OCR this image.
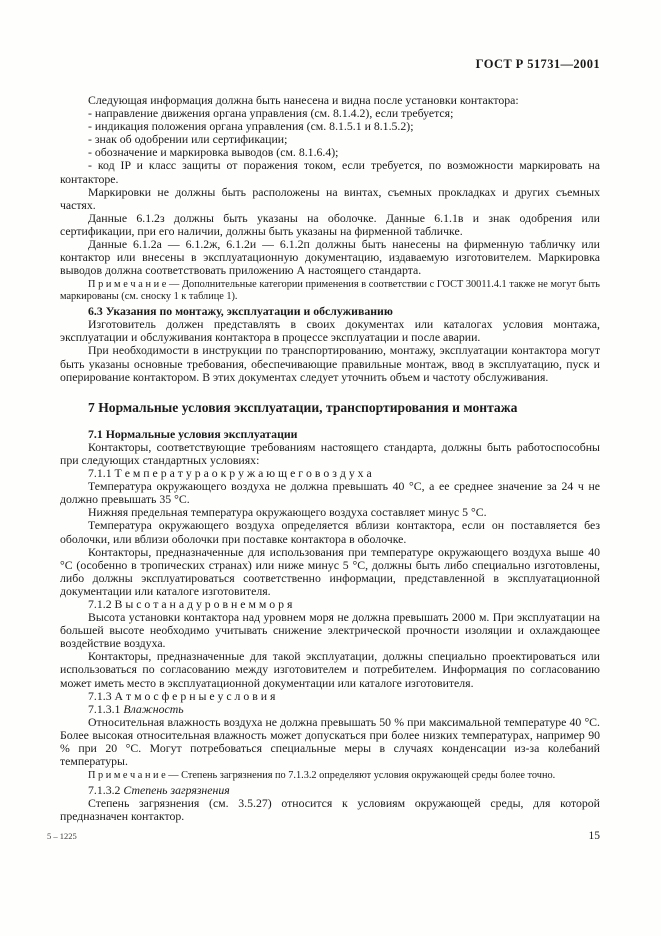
ГОСТ Р 51731—2001

Следующая информация должна быть нанесена и видна после установки контактора:

- направление движения органа управления (см. 8.1.4.2), если требуется;

- индикация положения органа управления (см. 8.1.5.1 и 8.1.5.2);

- знак об одобрении или сертификации;

- обозначение и маркировка выводов (см. 8.1.6.4);

- код IP и класс защиты от поражения током, если требуется, по возможности маркировать на контакторе.

Маркировки не должны быть расположены на винтах, съемных прокладках и других съемных частях.

Данные 6.1.2з должны быть указаны на оболочке. Данные 6.1.1в и знак одобрения или сертификации, при его наличии, должны быть указаны на фирменной табличке.

Данные 6.1.2а — 6.1.2ж, 6.1.2и — 6.1.2п должны быть нанесены на фирменную табличку или контактор или внесены в эксплуатационную документацию, издаваемую изготовителем. Маркировка выводов должна соответствовать приложению А настоящего стандарта.

П р и м е ч а н и е — Дополнительные категории применения в соответствии с ГОСТ 30011.4.1 также не могут быть маркированы (см. сноску 1 к таблице 1).

6.3 Указания по монтажу, эксплуатации и обслуживанию

Изготовитель должен представлять в своих документах или каталогах условия монтажа, эксплуатации и обслуживания контактора в процессе эксплуатации и после аварии.

При необходимости в инструкции по транспортированию, монтажу, эксплуатации контактора могут быть указаны основные требования, обеспечивающие правильные монтаж, ввод в эксплуатацию, пуск и оперирование контактором. В этих документах следует уточнить объем и частоту обслуживания.

7 Нормальные условия эксплуатации, транспортирования и монтажа

7.1 Нормальные условия эксплуатации

Контакторы, соответствующие требованиям настоящего стандарта, должны быть работоспособны при следующих стандартных условиях:

7.1.1 Т е м п е р а т у р а о к р у ж а ю щ е г о в о з д у х а

Температура окружающего воздуха не должна превышать 40 °С, а ее среднее значение за 24 ч не должно превышать 35 °С.

Нижняя предельная температура окружающего воздуха составляет минус 5 °С.

Температура окружающего воздуха определяется вблизи контактора, если он поставляется без оболочки, или вблизи оболочки при поставке контактора в оболочке.

Контакторы, предназначенные для использования при температуре окружающего воздуха выше 40 °С (особенно в тропических странах) или ниже минус 5 °С, должны быть либо специально изготовлены, либо должны эксплуатироваться соответственно информации, представленной в эксплуатационной документации или каталоге изготовителя.

7.1.2 В ы с о т а н а д у р о в н е м м о р я

Высота установки контактора над уровнем моря не должна превышать 2000 м. При эксплуатации на большей высоте необходимо учитывать снижение электрической прочности изоляции и охлаждающее воздействие воздуха.

Контакторы, предназначенные для такой эксплуатации, должны специально проектироваться или использоваться по согласованию между изготовителем и потребителем. Информация по согласованию может иметь место в эксплуатационной документации или каталоге изготовителя.

7.1.3 А т м о с ф е р н ы е у с л о в и я

7.1.3.1 Влажность

Относительная влажность воздуха не должна превышать 50 % при максимальной температуре 40 °С. Более высокая относительная влажность может допускаться при более низких температурах, например 90 % при 20 °С. Могут потребоваться специальные меры в случаях конденсации из-за колебаний температуры.

П р и м е ч а н и е — Степень загрязнения по 7.1.3.2 определяют условия окружающей среды более точно.

7.1.3.2 Степень загрязнения

Степень загрязнения (см. 3.5.27) относится к условиям окружающей среды, для которой предназначен контактор.

5 – 1225	15
